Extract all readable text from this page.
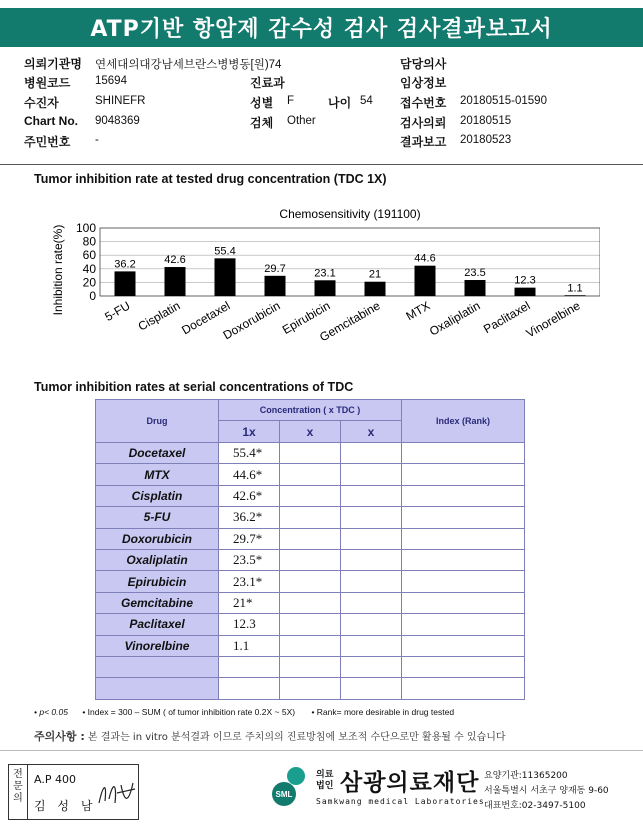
ATP기반 항암제 감수성 검사 검사결과보고서
의뢰기관명 연세대의대강남세브란스병병동[원)74	담당의사
병원코드 15694	진료과	임상정보
수진자	SHINEFR	성별 F	나이 54 접수번호 20180515-01590
Chart No. 9048369	검체 Other	검사의뢰 20180515
주민번호 -	결과보고 20180523
Tumor inhibition rate at tested drug concentration (TDC 1X)
Chemosensitivity (191100)
Inhibition rate(%) 0
20
40
60
80
100
36.2
5-FU
42.6
Cisplatin
55.4
Docetaxel
29.7
Doxorubicin
23.1
Epirubicin
21
Gemcitabine
44.6
MTX
23.5
Oxaliplatin
12.3
Paclitaxel
1.1
Vinorelbine
Tumor inhibition rates at serial concentrations of TDC
Drug	Concentration ( x TDC )			Index (Rank)
	1x	x	x	
Docetaxel	55.4*			
MTX	44.6*			
Cisplatin	42.6*			
5-FU	36.2*			
Doxorubicin	29.7*			
Oxaliplatin	23.5*			
Epirubicin	23.1*			
Gemcitabine	21*			
Paclitaxel	12.3			
Vinorelbine	1.1			

• p< 0.05 • Index = 300 – SUM ( of tumor inhibition rate 0.2X ~ 5X) • Rank= more desirable in drug tested
주의사항 : 본 결과는 in vitro 분석결과 이므로 주치의의 진료방침에 보조적 수단으로만 활용될 수 있습니다
전
문
의
A.P 400
김 성 남
SML
의료
법인 삼광의료재단
Samkwang medical Laboratories
요양기관:11365200
서울특별시 서초구 양재동 9-60
대표번호:02-3497-5100
